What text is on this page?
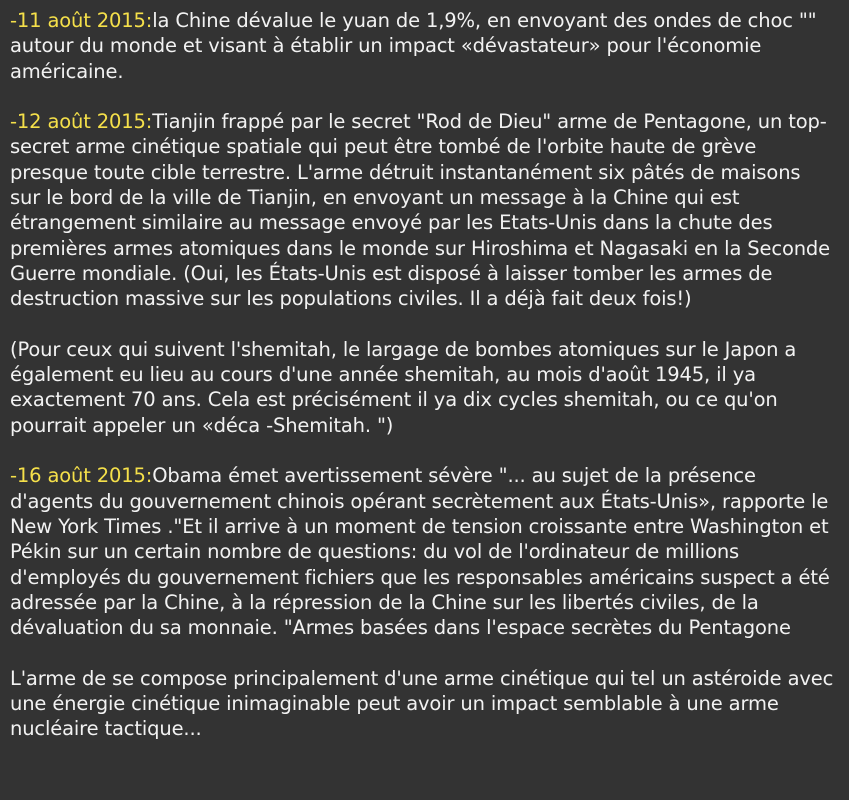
-11 août 2015:la Chine dévalue le yuan de 1,9%, en envoyant des ondes de choc "" autour du monde et visant à établir un impact «dévastateur» pour l'économie américaine.

-12 août 2015:Tianjin frappé par le secret "Rod de Dieu" arme de Pentagone, un top-secret arme cinétique spatiale qui peut être tombé de l'orbite haute de grève presque toute cible terrestre. L'arme détruit instantanément six pâtés de maisons sur le bord de la ville de Tianjin, en envoyant un message à la Chine qui est étrangement similaire au message envoyé par les Etats-Unis dans la chute des premières armes atomiques dans le monde sur Hiroshima et Nagasaki en la Seconde Guerre mondiale. (Oui, les États-Unis est disposé à laisser tomber les armes de destruction massive sur les populations civiles. Il a déjà fait deux fois!)

(Pour ceux qui suivent l'shemitah, le largage de bombes atomiques sur le Japon a également eu lieu au cours d'une année shemitah, au mois d'août 1945, il ya exactement 70 ans. Cela est précisément il ya dix cycles shemitah, ou ce qu'on pourrait appeler un «déca -Shemitah. ")

-16 août 2015:Obama émet avertissement sévère "... au sujet de la présence d'agents du gouvernement chinois opérant secrètement aux États-Unis», rapporte le New York Times ."Et il arrive à un moment de tension croissante entre Washington et Pékin sur un certain nombre de questions: du vol de l'ordinateur de millions d'employés du gouvernement fichiers que les responsables américains suspect a été adressée par la Chine, à la répression de la Chine sur les libertés civiles, de la dévaluation du sa monnaie. "Armes basées dans l'espace secrètes du Pentagone

L'arme de se compose principalement d'une arme cinétique qui tel un astéroide avec une énergie cinétique inimaginable peut avoir un impact semblable à une arme nucléaire tactique...
